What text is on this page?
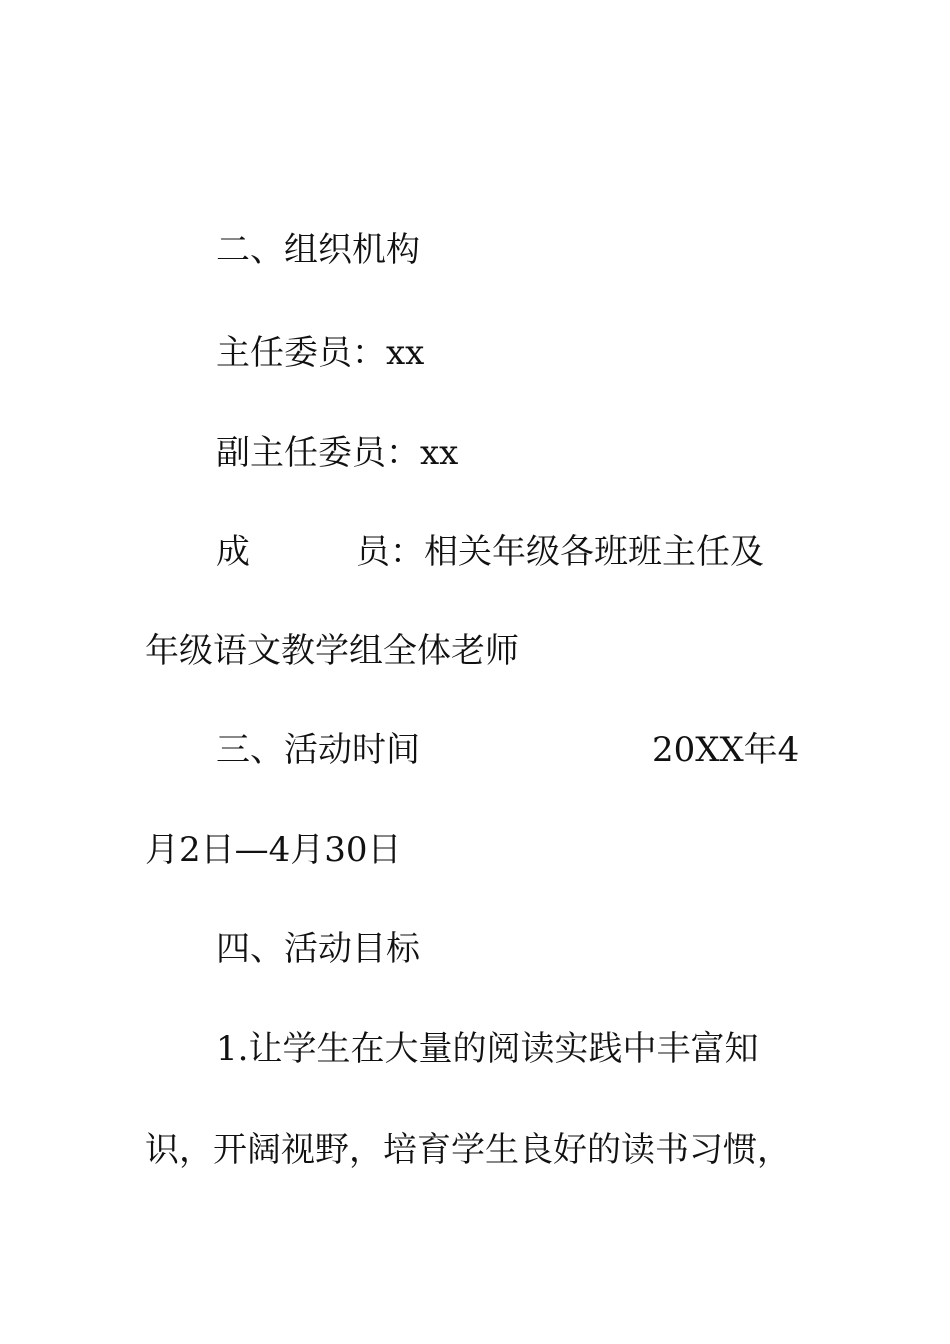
二、组织机构
主任委员：xx
副主任委员：xx
成	员：相关年级各班班主任及
年级语文教学组全体老师
三、活动时间	20XX年4
月2日—4月30日
四、活动目标
1.让学生在大量的阅读实践中丰富知
识，开阔视野，培育学生良好的读书习惯，
